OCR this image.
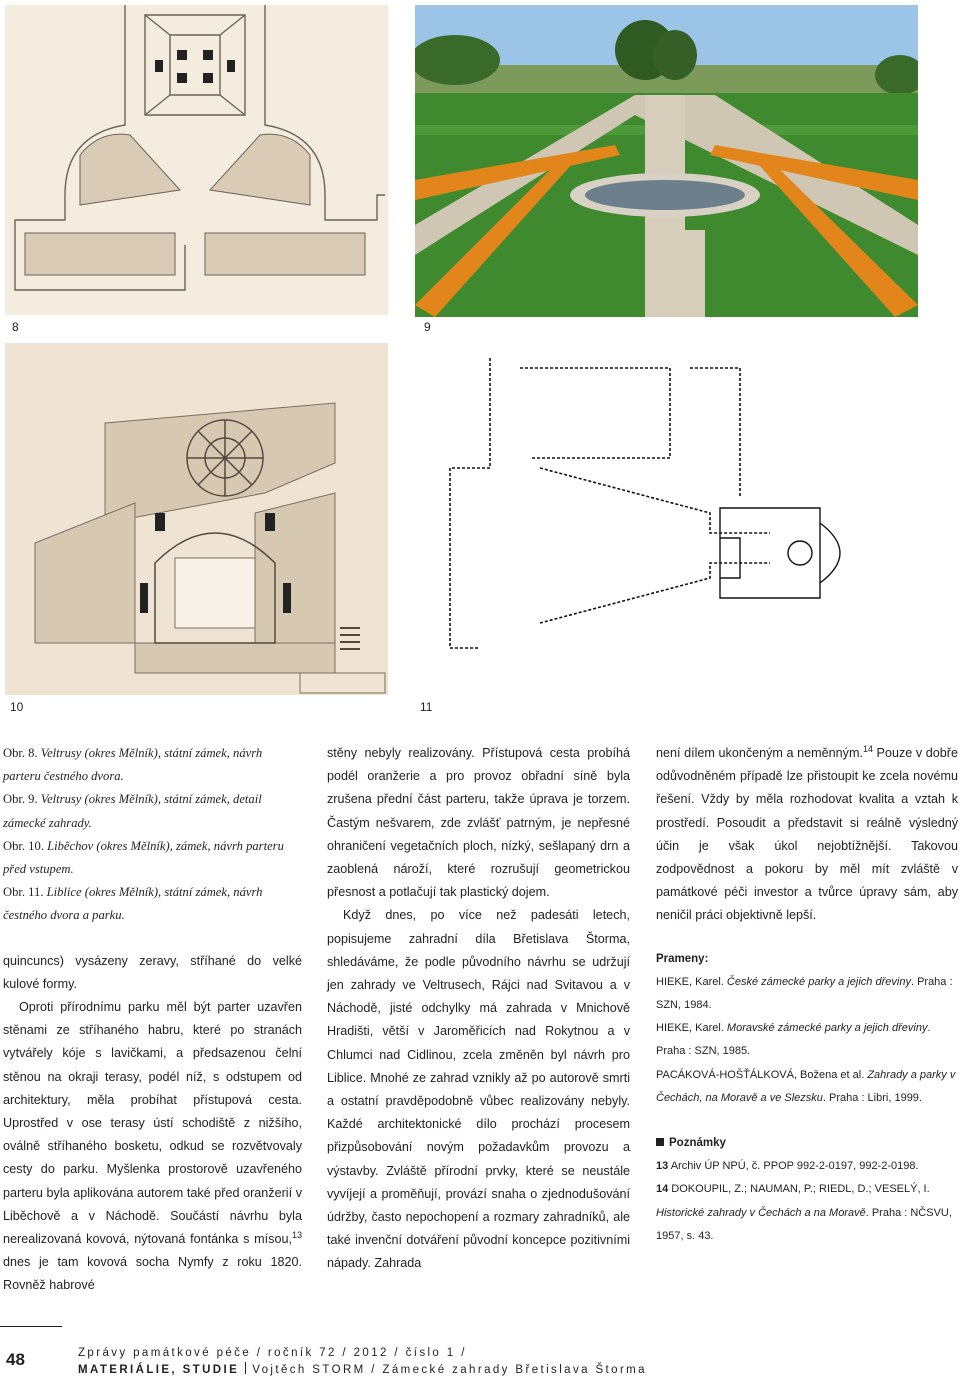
8	9
10	11
Obr. 8. Veltrusy (okres Mělník), státní zámek, návrh parteru čestného dvora.
Obr. 9. Veltrusy (okres Mělník), státní zámek, detail zámecké zahrady.
Obr. 10. Liběchov (okres Mělník), zámek, návrh parteru před vstupem.
Obr. 11. Liblice (okres Mělník), státní zámek, návrh čestného dvora a parku.

quincuncs) vysázeny zeravy, stříhané do velké kulové formy.

Oproti přírodnímu parku měl být parter uzavřen stěnami ze stříhaného habru, které po stranách vytvářely kóje s lavičkami, a předsazenou čelní stěnou na okraji terasy, podél níž, s odstupem od architektury, měla probíhat přístupová cesta. Uprostřed v ose terasy ústí schodiště z nižšího, oválně stříhaného bosketu, odkud se rozvětvovaly cesty do parku. Myšlenka prostorově uzavřeného parteru byla aplikována autorem také před oranžerií v Liběchově a v Náchodě. Součástí návrhu byla nerealizovaná kovová, nýtovaná fontánka s mísou,$^{13}$ dnes je tam kovová socha Nymfy z roku 1820. Rovněž habrové

stěny nebyly realizovány. Přístupová cesta probíhá podél oranžerie a pro provoz obřadní síně byla zrušena přední část parteru, takže úprava je torzem. Častým nešvarem, zde zvlášť patrným, je nepřesné ohraničení vegetačních ploch, nízký, sešlapaný drn a zaoblená nároží, které rozrušují geometrickou přesnost a potlačují tak plastický dojem.

Když dnes, po více než padesáti letech, popisujeme zahradní díla Břetislava Štorma, shledáváme, že podle původního návrhu se udržují jen zahrady ve Veltrusech, Rájci nad Svitavou a v Náchodě, jisté odchylky má zahrada v Mnichově Hradišti, větší v Jaroměřicích nad Rokytnou a v Chlumci nad Cidlinou, zcela změněn byl návrh pro Liblice. Mnohé ze zahrad vznikly až po autorově smrti a ostatní pravděpodobně vůbec realizovány nebyly. Každé architektonické dílo prochází procesem přizpůsobování novým požadavkům provozu a výstavby. Zvláště přírodní prvky, které se neustále vyvíjejí a proměňují, provází snaha o zjednodušování údržby, často nepochopení a rozmary zahradníků, ale také invenční dotváření původní koncepce pozitivními nápady. Zahrada

není dílem ukončeným a neměnným.$^{14}$ Pouze v dobře odůvodněném případě lze přistoupit ke zcela novému řešení. Vždy by měla rozhodovat kvalita a vztah k prostředí. Posoudit a představit si reálně výsledný účin je však úkol nejobtížnější. Takovou zodpovědnost a pokoru by měl mít zvláště v památkové péči investor a tvůrce úpravy sám, aby neničil práci objektivně lepší.

Prameny:
HIEKE, Karel. České zámecké parky a jejich dřeviny. Praha : SZN, 1984.
HIEKE, Karel. Moravské zámecké parky a jejich dřeviny. Praha : SZN, 1985.
PACÁKOVÁ-HOŠŤÁLKOVÁ, Božena et al. Zahrady a parky v Čechách, na Moravě a ve Slezsku. Praha : Libri, 1999.
Poznámky
13 Archiv ÚP NPÚ, č. PPOP 992-2-0197, 992-2-0198.
14 DOKOUPIL, Z.; NAUMAN, P.; RIEDL, D.; VESELÝ, I. Historické zahrady v Čechách a na Moravě. Praha : NČSVU, 1957, s. 43.
48	Zprávy památkové péče / ročník 72 / 2012 / číslo 1 /
MATERIÁLIE, STUDIE Vojtěch STORM / Zámecké zahrady Břetislava Štorma
